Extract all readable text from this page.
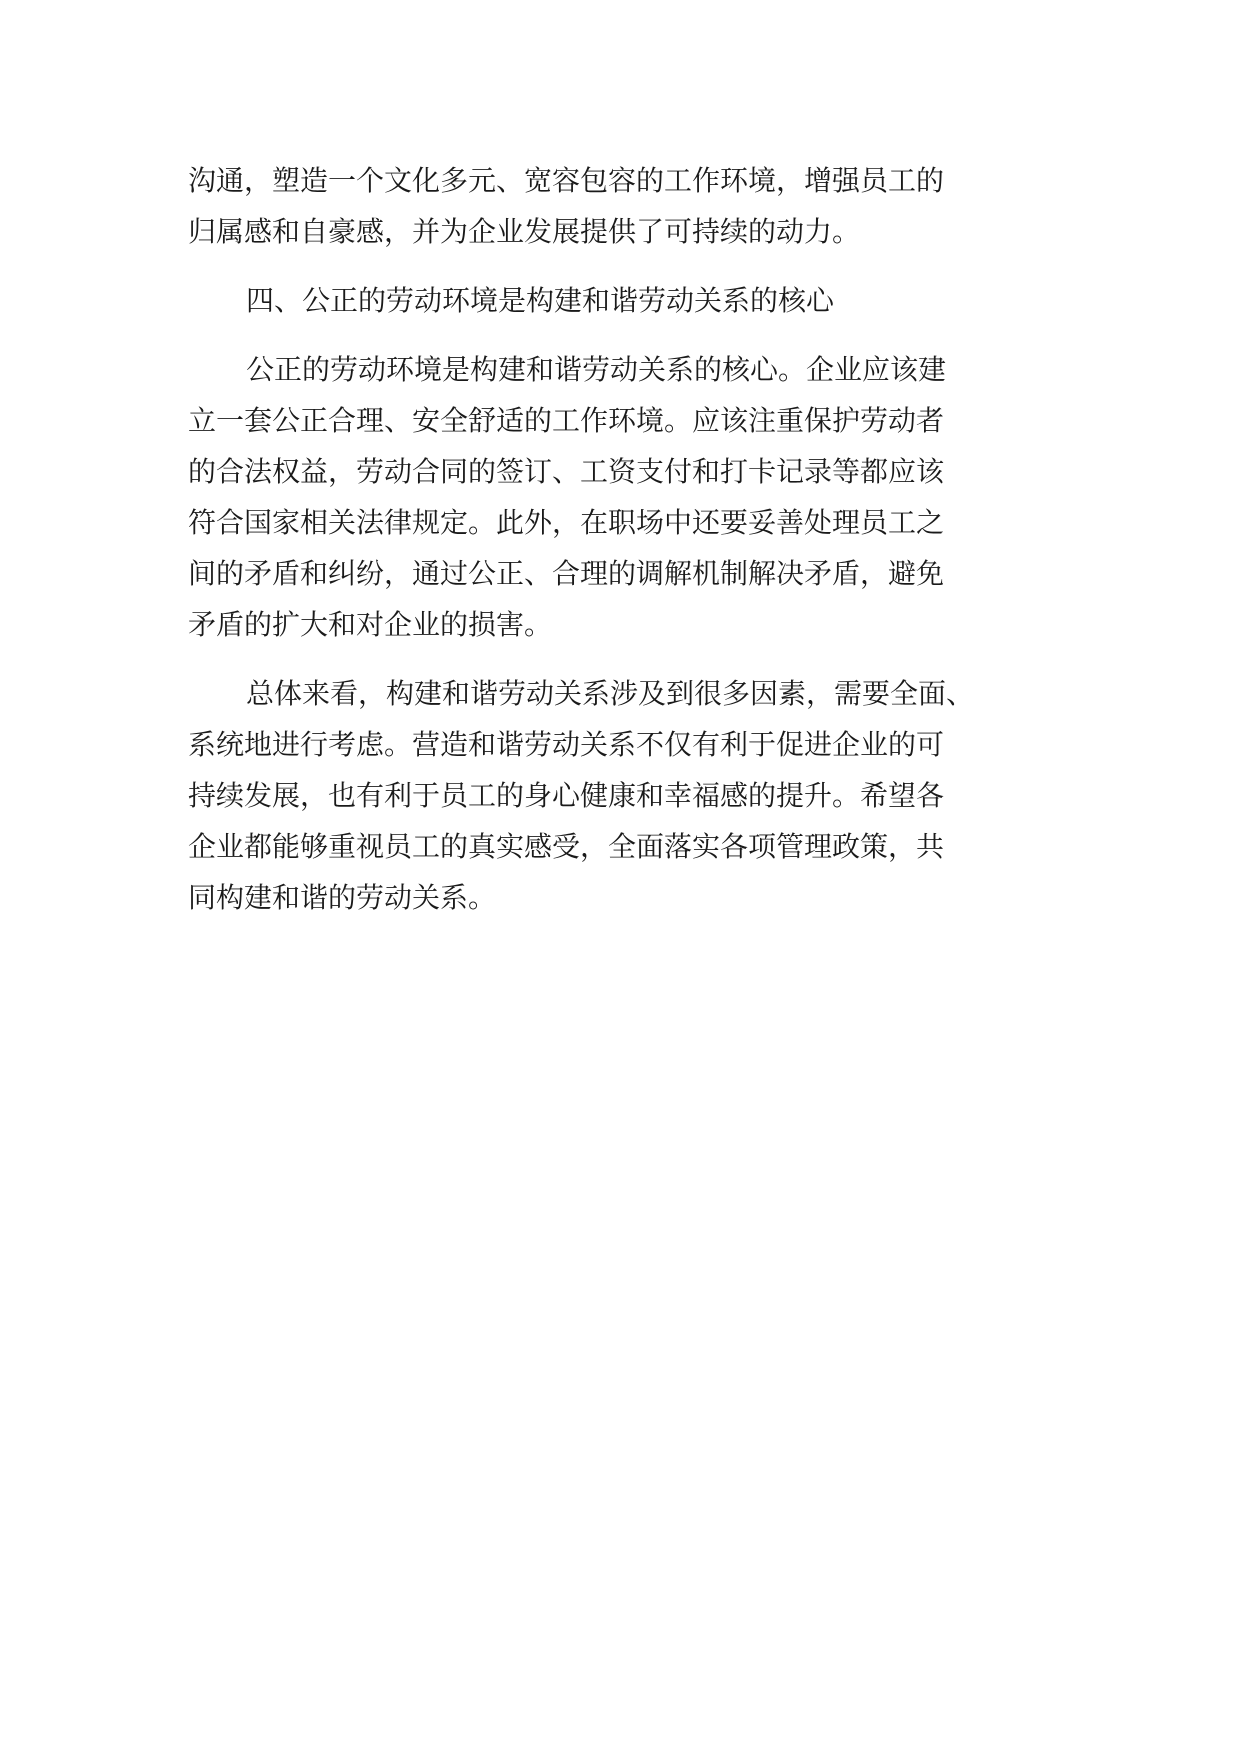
沟通，塑造一个文化多元、宽容包容的工作环境，增强员工的
归属感和自豪感，并为企业发展提供了可持续的动力。
四、公正的劳动环境是构建和谐劳动关系的核心
公正的劳动环境是构建和谐劳动关系的核心。企业应该建
立一套公正合理、安全舒适的工作环境。应该注重保护劳动者
的合法权益，劳动合同的签订、工资支付和打卡记录等都应该
符合国家相关法律规定。此外，在职场中还要妥善处理员工之
间的矛盾和纠纷，通过公正、合理的调解机制解决矛盾，避免
矛盾的扩大和对企业的损害。
总体来看，构建和谐劳动关系涉及到很多因素，需要全面、
系统地进行考虑。营造和谐劳动关系不仅有利于促进企业的可
持续发展，也有利于员工的身心健康和幸福感的提升。希望各
企业都能够重视员工的真实感受，全面落实各项管理政策，共
同构建和谐的劳动关系。
